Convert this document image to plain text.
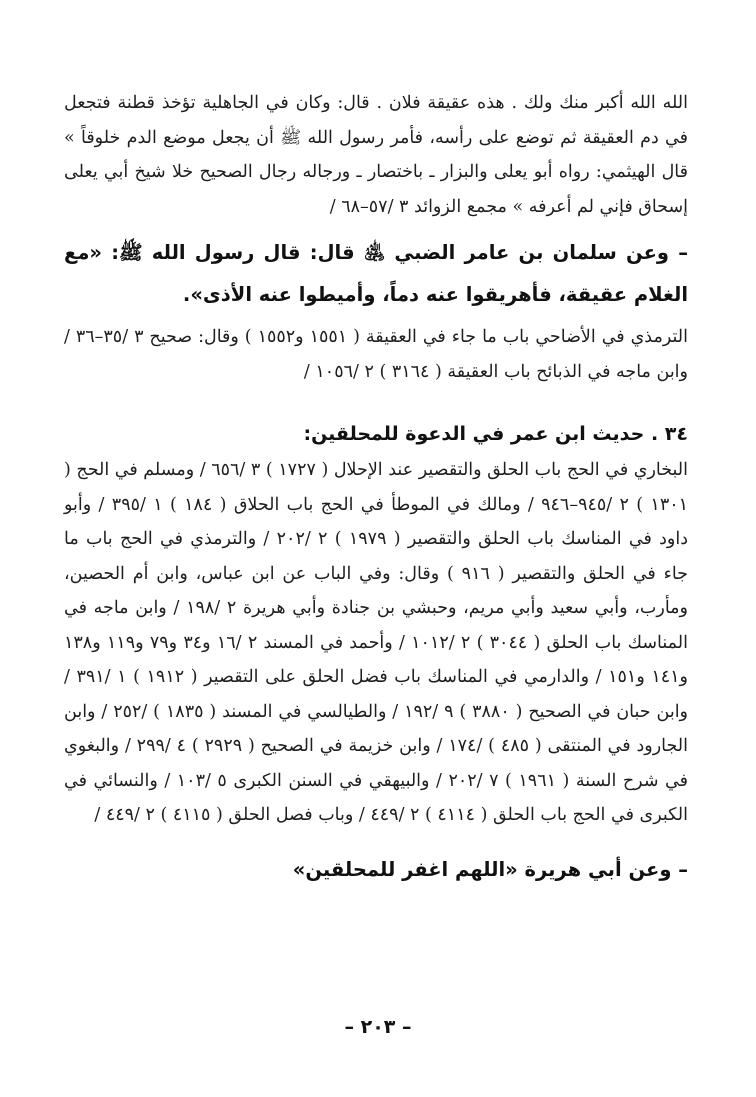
الله الله أكبر منك ولك . هذه عقيقة فلان . قال: وكان في الجاهلية تؤخذ قطنة فتجعل في دم العقيقة ثم توضع على رأسه، فأمر رسول الله ﷺ أن يجعل موضع الدم خلوقاً » قال الهيثمي: رواه أبو يعلى والبزار ـ باختصار ـ ورجاله رجال الصحيح خلا شيخ أبي يعلى إسحاق فإني لم أعرفه » مجمع الزوائد ٣ /٥٧–٦٨ /

– وعن سلمان بن عامر الضبي ﵁ قال: قال رسول الله ﷺ: «مع الغلام عقيقة، فأهريقوا عنه دماً، وأميطوا عنه الأذى».

الترمذي في الأضاحي باب ما جاء في العقيقة ( ١٥٥١ و١٥٥٢ ) وقال: صحيح ٣ /٣٥–٣٦ / وابن ماجه في الذبائح باب العقيقة ( ٣١٦٤ ) ٢ /١٠٥٦ /

٣٤ . حديث ابن عمر في الدعوة للمحلقين:

البخاري في الحج باب الحلق والتقصير عند الإحلال ( ١٧٢٧ ) ٣ /٦٥٦ / ومسلم في الحج ( ١٣٠١ ) ٢ /٩٤٥–٩٤٦ / ومالك في الموطأ في الحج باب الحلاق ( ١٨٤ ) ١ /٣٩٥ / وأبو داود في المناسك باب الحلق والتقصير ( ١٩٧٩ ) ٢ /٢٠٢ / والترمذي في الحج باب ما جاء في الحلق والتقصير ( ٩١٦ ) وقال: وفي الباب عن ابن عباس، وابن أم الحصين، ومأرب، وأبي سعيد وأبي مريم، وحبشي بن جنادة وأبي هريرة ٢ /١٩٨ / وابن ماجه في المناسك باب الحلق ( ٣٠٤٤ ) ٢ /١٠١٢ / وأحمد في المسند ٢ /١٦ و٣٤ و٧٩ و١١٩ و١٣٨ و١٤١ و١٥١ / والدارمي في المناسك باب فضل الحلق على التقصير ( ١٩١٢ ) ١ /٣٩١ / وابن حبان في الصحيح ( ٣٨٨٠ ) ٩ /١٩٢ / والطيالسي في المسند ( ١٨٣٥ ) /٢٥٢ / وابن الجارود في المنتقى ( ٤٨٥ ) /١٧٤ / وابن خزيمة في الصحيح ( ٢٩٢٩ ) ٤ /٢٩٩ / والبغوي في شرح السنة ( ١٩٦١ ) ٧ /٢٠٢ / والبيهقي في السنن الكبرى ٥ /١٠٣ / والنسائي في الكبرى في الحج باب الحلق ( ٤١١٤ ) ٢ /٤٤٩ / وباب فصل الحلق ( ٤١١٥ ) ٢ /٤٤٩ /

– وعن أبي هريرة «اللهم اغفر للمحلقين»

– ٢٠٣ –
